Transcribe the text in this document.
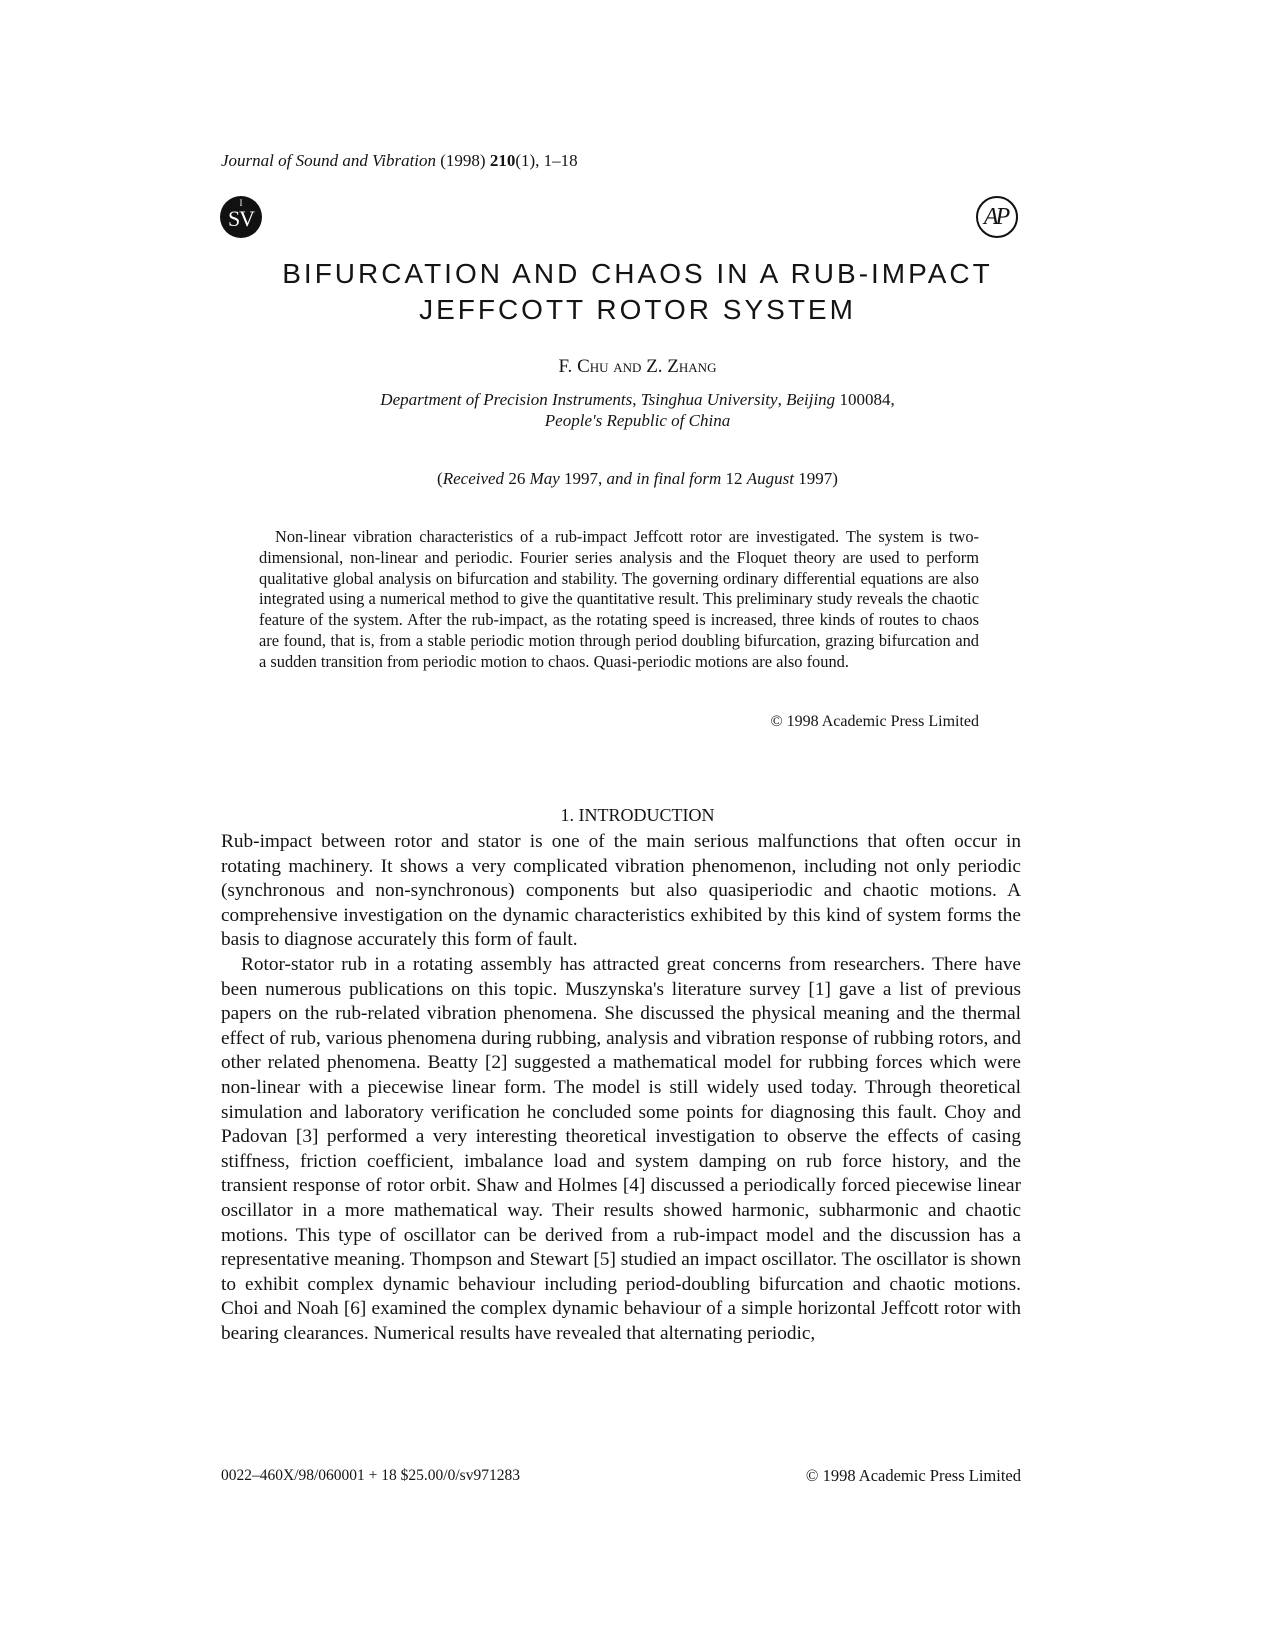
Journal of Sound and Vibration (1998) 210(1), 1–18
I
SV	AP
BIFURCATION AND CHAOS IN A RUB-IMPACT
JEFFCOTT ROTOR SYSTEM
F. Chu and Z. Zhang
Department of Precision Instruments, Tsinghua University, Beijing 100084,
People's Republic of China
(Received 26 May 1997, and in final form 12 August 1997)

Non-linear vibration characteristics of a rub-impact Jeffcott rotor are investigated. The system is two-dimensional, non-linear and periodic. Fourier series analysis and the Floquet theory are used to perform qualitative global analysis on bifurcation and stability. The governing ordinary differential equations are also integrated using a numerical method to give the quantitative result. This preliminary study reveals the chaotic feature of the system. After the rub-impact, as the rotating speed is increased, three kinds of routes to chaos are found, that is, from a stable periodic motion through period doubling bifurcation, grazing bifurcation and a sudden transition from periodic motion to chaos. Quasi-periodic motions are also found.

© 1998 Academic Press Limited
1. INTRODUCTION

Rub-impact between rotor and stator is one of the main serious malfunctions that often occur in rotating machinery. It shows a very complicated vibration phenomenon, including not only periodic (synchronous and non-synchronous) components but also quasiperiodic and chaotic motions. A comprehensive investigation on the dynamic characteristics exhibited by this kind of system forms the basis to diagnose accurately this form of fault.

Rotor-stator rub in a rotating assembly has attracted great concerns from researchers. There have been numerous publications on this topic. Muszynska's literature survey [1] gave a list of previous papers on the rub-related vibration phenomena. She discussed the physical meaning and the thermal effect of rub, various phenomena during rubbing, analysis and vibration response of rubbing rotors, and other related phenomena. Beatty [2] suggested a mathematical model for rubbing forces which were non-linear with a piecewise linear form. The model is still widely used today. Through theoretical simulation and laboratory verification he concluded some points for diagnosing this fault. Choy and Padovan [3] performed a very interesting theoretical investigation to observe the effects of casing stiffness, friction coefficient, imbalance load and system damping on rub force history, and the transient response of rotor orbit. Shaw and Holmes [4] discussed a periodically forced piecewise linear oscillator in a more mathematical way. Their results showed harmonic, subharmonic and chaotic motions. This type of oscillator can be derived from a rub-impact model and the discussion has a representative meaning. Thompson and Stewart [5] studied an impact oscillator. The oscillator is shown to exhibit complex dynamic behaviour including period-doubling bifurcation and chaotic motions. Choi and Noah [6] examined the complex dynamic behaviour of a simple horizontal Jeffcott rotor with bearing clearances. Numerical results have revealed that alternating periodic,

0022–460X/98/060001 + 18 $25.00/0/sv971283	© 1998 Academic Press Limited
